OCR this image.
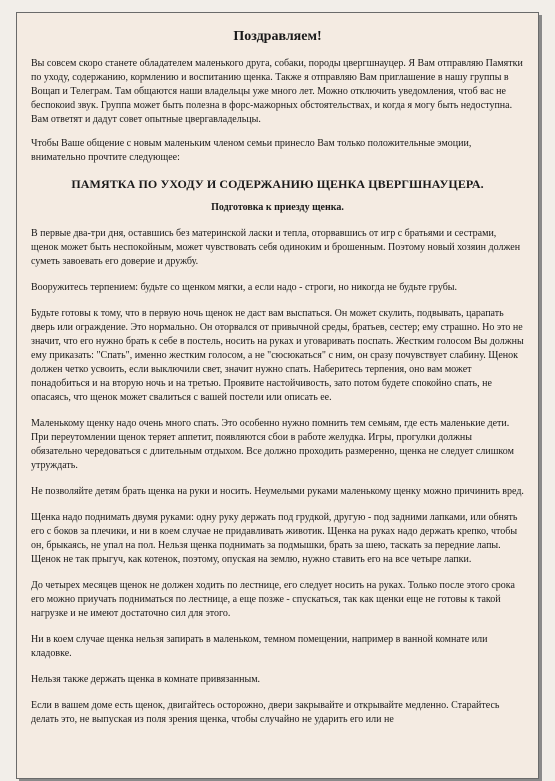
Поздравляем!

Вы совсем скоро станете обладателем маленького друга, собаки, породы цвергшнауцер. Я Вам отправляю Памятки по уходу, содержанию, кормлению и воспитанию щенка. Также я отправляю Вам приглашение в нашу группы в Вощап и Телеграм. Там общаются наши владельцы уже много лет. Можно отключить уведомления, чтоб вас не беспокоиd звук. Группа может быть полезна в форс-мажорных обстоятельствах, и когда я могу быть недоступна. Вам ответят и дадут совет опытные цвергавладельцы.

Чтобы Ваше общение с новым маленьким членом семьи принесло Вам только положительные эмоции, внимательно прочтите следующее:

ПАМЯТКА ПО УХОДУ И СОДЕРЖАНИЮ ЩЕНКА ЦВЕРГШНАУЦЕРА.
Подготовка к приезду щенка.

В первые два-три дня, оставшись без материнской ласки и тепла, оторвавшись от игр с братьями и сестрами, щенок может быть неспокойным, может чувствовать себя одиноким и брошенным. Поэтому новый хозяин должен суметь завоевать его доверие и дружбу.

Вооружитесь терпением: будьте со щенком мягки, а если надо - строги, но никогда не будьте грубы.

Будьте готовы к тому, что в первую ночь щенок не даст вам выспаться. Он может скулить, подвывать, царапать дверь или ограждение. Это нормально. Он оторвался от привычной среды, братьев, сестер; ему страшно. Но это не значит, что его нужно брать к себе в постель, носить на руках и уговаривать поспать. Жестким голосом Вы должны ему приказать: "Спать", именно жестким голосом, а не "сюсюкаться" с ним, он сразу почувствует слабину. Щенок должен четко усвоить, если выключили свет, значит нужно спать. Наберитесь терпения, оно вам может понадобиться и на вторую ночь и на третью. Проявите настойчивость, зато потом будете спокойно спать, не опасаясь, что щенок может свалиться с вашей постели или описать ее.

Маленькому щенку надо очень много спать. Это особенно нужно помнить тем семьям, где есть маленькие дети. При переутомлении щенок теряет аппетит, появляются сбои в работе желудка. Игры, прогулки должны обязательно чередоваться с длительным отдыхом. Все должно проходить размеренно, щенка не следует слишком утруждать.

Не позволяйте детям брать щенка на руки и носить. Неумелыми руками маленькому щенку можно причинить вред.

Щенка надо поднимать двумя руками: одну руку держать под грудкой, другую - под задними лапками, или обнять его с боков за плечики, и ни в коем случае не придавливать животик. Щенка на руках надо держать крепко, чтобы он, брыкаясь, не упал на пол. Нельзя щенка поднимать за подмышки, брать за шею, таскать за передние лапы. Щенок не так прыгуч, как котенок, поэтому, опуская на землю, нужно ставить его на все четыре лапки.

До четырех месяцев щенок не должен ходить по лестнице, его следует носить на руках. Только после этого срока его можно приучать подниматься по лестнице, а еще позже - спускаться, так как щенки еще не готовы к такой нагрузке и не имеют достаточно сил для этого.

Ни в коем случае щенка нельзя запирать в маленьком, темном помещении, например в ванной комнате или кладовке.

Нельзя также держать щенка в комнате привязанным.

Если в вашем доме есть щенок, двигайтесь осторожно, двери закрывайте и открывайте медленно. Старайтесь делать это, не выпуская из поля зрения щенка, чтобы случайно не ударить его или не
